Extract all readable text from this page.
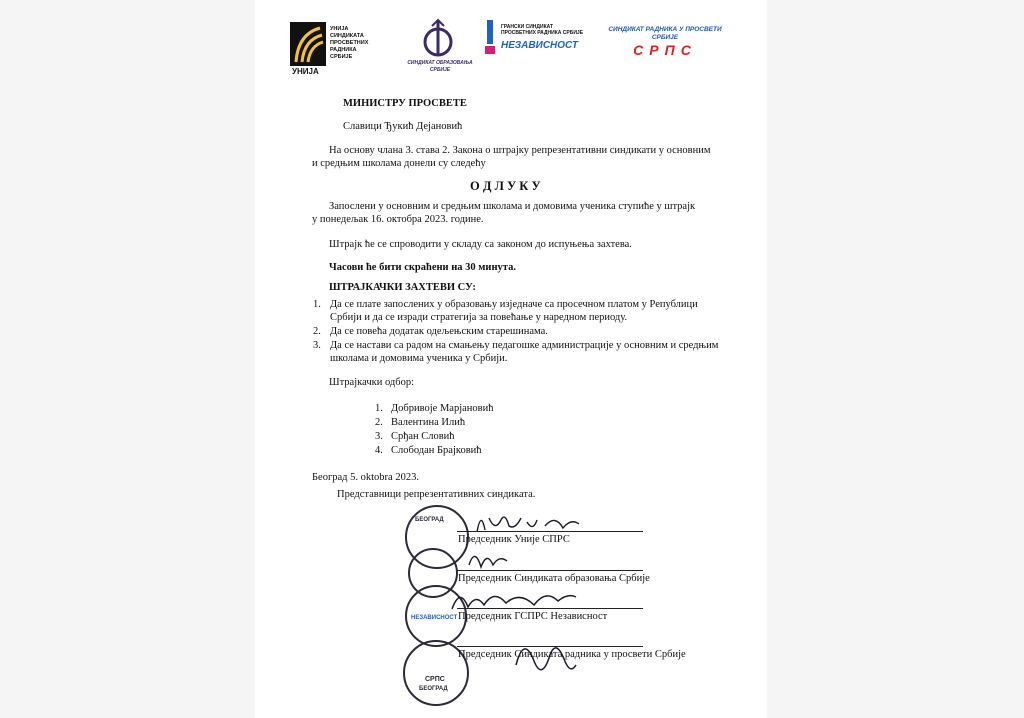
УНИЈА
УНИЈА
СИНДИКАТА
ПРОСВЕТНИХ
РАДНИКА
СРБИЈЕ
СИНДИКАТ ОБРАЗОВАЊА
СРБИЈЕ
ГРАНСКИ СИНДИКАТ
ПРОСВЕТНИХ РАДНИКА СРБИЈЕ
НЕЗАВИСНОСТ
СИНДИКАТ РАДНИКА У ПРОСВЕТИ
СРБИЈЕ
СРПС
МИНИСТРУ ПРОСВЕТЕ
Славици Ђукић Дејановић
На основу члана 3. става 2. Закона о штрајку репрезентативни синдикати у основним
и средњим школама донели су следећу
О Д Л У К У
Запослени у основним и средњим школама и домовима ученика ступиће у штрајк
у понедељак 16. октобра 2023. године.
Штрајк ће се спроводити у складу са законом до испуњења захтева.
Часови ће бити скраћени на 30 минута.
ШТРАЈКАЧКИ ЗАХТЕВИ СУ:
1. Да се плате запослених у образовању изједначе са просечном платом у Републици
Србији и да се изради стратегија за повећање у наредном периоду.
2. Да се повећа додатак одељењским старешинама.
3. Да се настави са радом на смањењу педагошке администрације у основним и средњим
школама и домовима ученика у Србији.
Штрајкачки одбор:
1. Добривоје Марјановић
2. Валентина Илић
3. Срђан Словић
4. Слободан Брајковић
Београд 5. oktobra 2023.
Представници репрезентативних синдиката.
БЕОГРАД
НЕЗАВИСНОСТ
СРПС
БЕОГРАД
Председник Уније СПРС
Председник Синдиката образовања Србије
Председник ГСПРС Независност
Председник Синдиката радника у просвети Србије
